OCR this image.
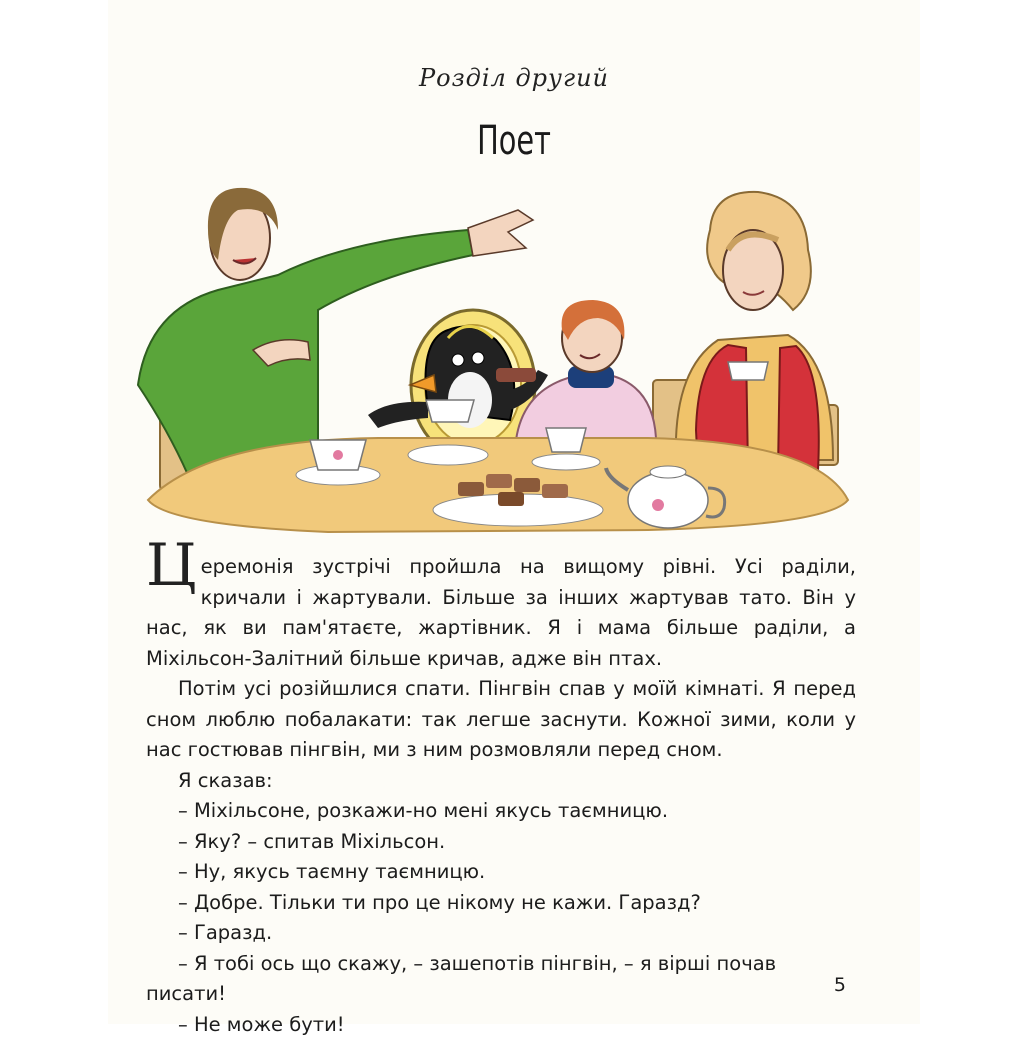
Розділ другий
Поет

Церемонія зустрічі пройшла на вищому рівні. Усі раділи, кричали і жартували. Більше за інших жартував тато. Він у нас, як ви пам'ятаєте, жартівник. Я і мама більше раділи, а Міхільсон-Залітний більше кричав, адже він птах.

Потім усі розійшлися спати. Пінгвін спав у моїй кімнаті. Я перед сном люблю побалакати: так легше заснути. Кожної зими, коли у нас гостював пінгвін, ми з ним розмовляли перед сном.

Я сказав:

– Міхільсоне, розкажи-но мені якусь таємницю.

– Яку? – спитав Міхільсон.

– Ну, якусь таємну таємницю.

– Добре. Тільки ти про це нікому не кажи. Гаразд?

– Гаразд.

– Я тобі ось що скажу, – зашепотів пінгвін, – я вірші почав писати!

– Не може бути!

5
